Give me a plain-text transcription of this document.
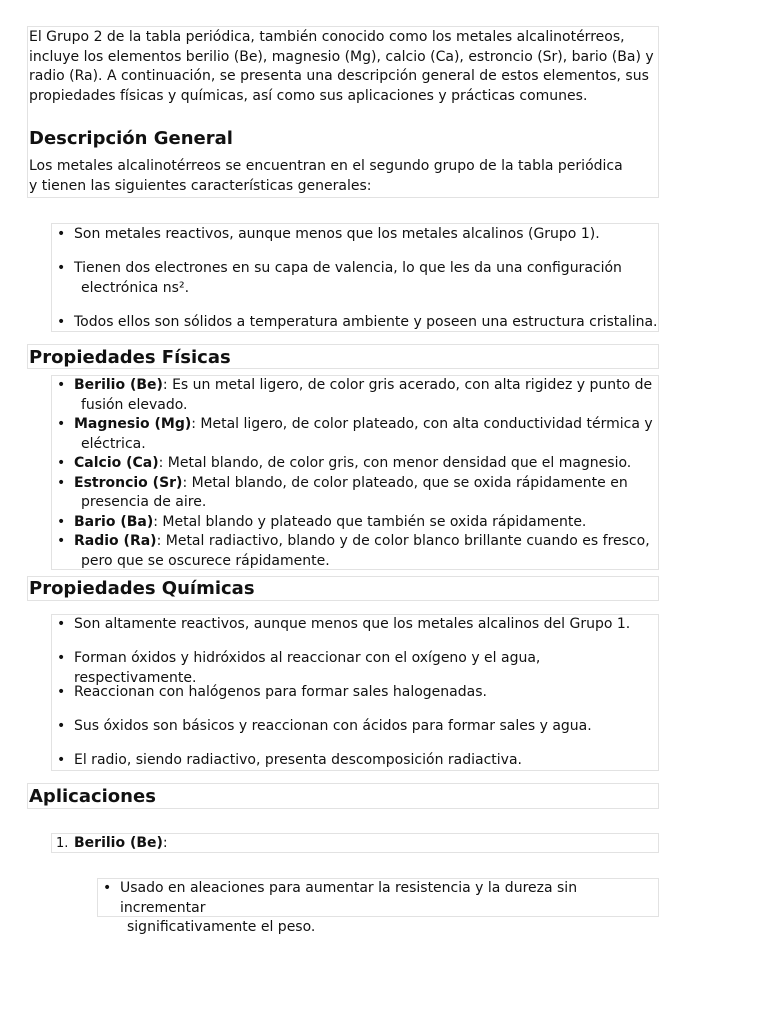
El Grupo 2 de la tabla periódica, también conocido como los metales alcalinotérreos, incluye los elementos berilio (Be), magnesio (Mg), calcio (Ca), estroncio (Sr), bario (Ba) y radio (Ra). A continuación, se presenta una descripción general de estos elementos, sus propiedades físicas y químicas, así como sus aplicaciones y prácticas comunes.

Descripción General

Los metales alcalinotérreos se encuentran en el segundo grupo de la tabla periódica y tienen las siguientes características generales:

• Son metales reactivos, aunque menos que los metales alcalinos (Grupo 1).
• Tienen dos electrones en su capa de valencia, lo que les da una configuración
electrónica ns².
• Todos ellos son sólidos a temperatura ambiente y poseen una estructura cristalina.
Propiedades Físicas
• Berilio (Be): Es un metal ligero, de color gris acerado, con alta rigidez y punto de
fusión elevado.
• Magnesio (Mg): Metal ligero, de color plateado, con alta conductividad térmica y
eléctrica.
• Calcio (Ca): Metal blando, de color gris, con menor densidad que el magnesio.
• Estroncio (Sr): Metal blando, de color plateado, que se oxida rápidamente en
presencia de aire.
• Bario (Ba): Metal blando y plateado que también se oxida rápidamente.
• Radio (Ra): Metal radiactivo, blando y de color blanco brillante cuando es fresco,
pero que se oscurece rápidamente.
Propiedades Químicas
• Son altamente reactivos, aunque menos que los metales alcalinos del Grupo 1.
• Forman óxidos y hidróxidos al reaccionar con el oxígeno y el agua, respectivamente.
• Reaccionan con halógenos para formar sales halogenadas.
• Sus óxidos son básicos y reaccionan con ácidos para formar sales y agua.
• El radio, siendo radiactivo, presenta descomposición radiactiva.
Aplicaciones
1. Berilio (Be):
• Usado en aleaciones para aumentar la resistencia y la dureza sin incrementar
significativamente el peso.
